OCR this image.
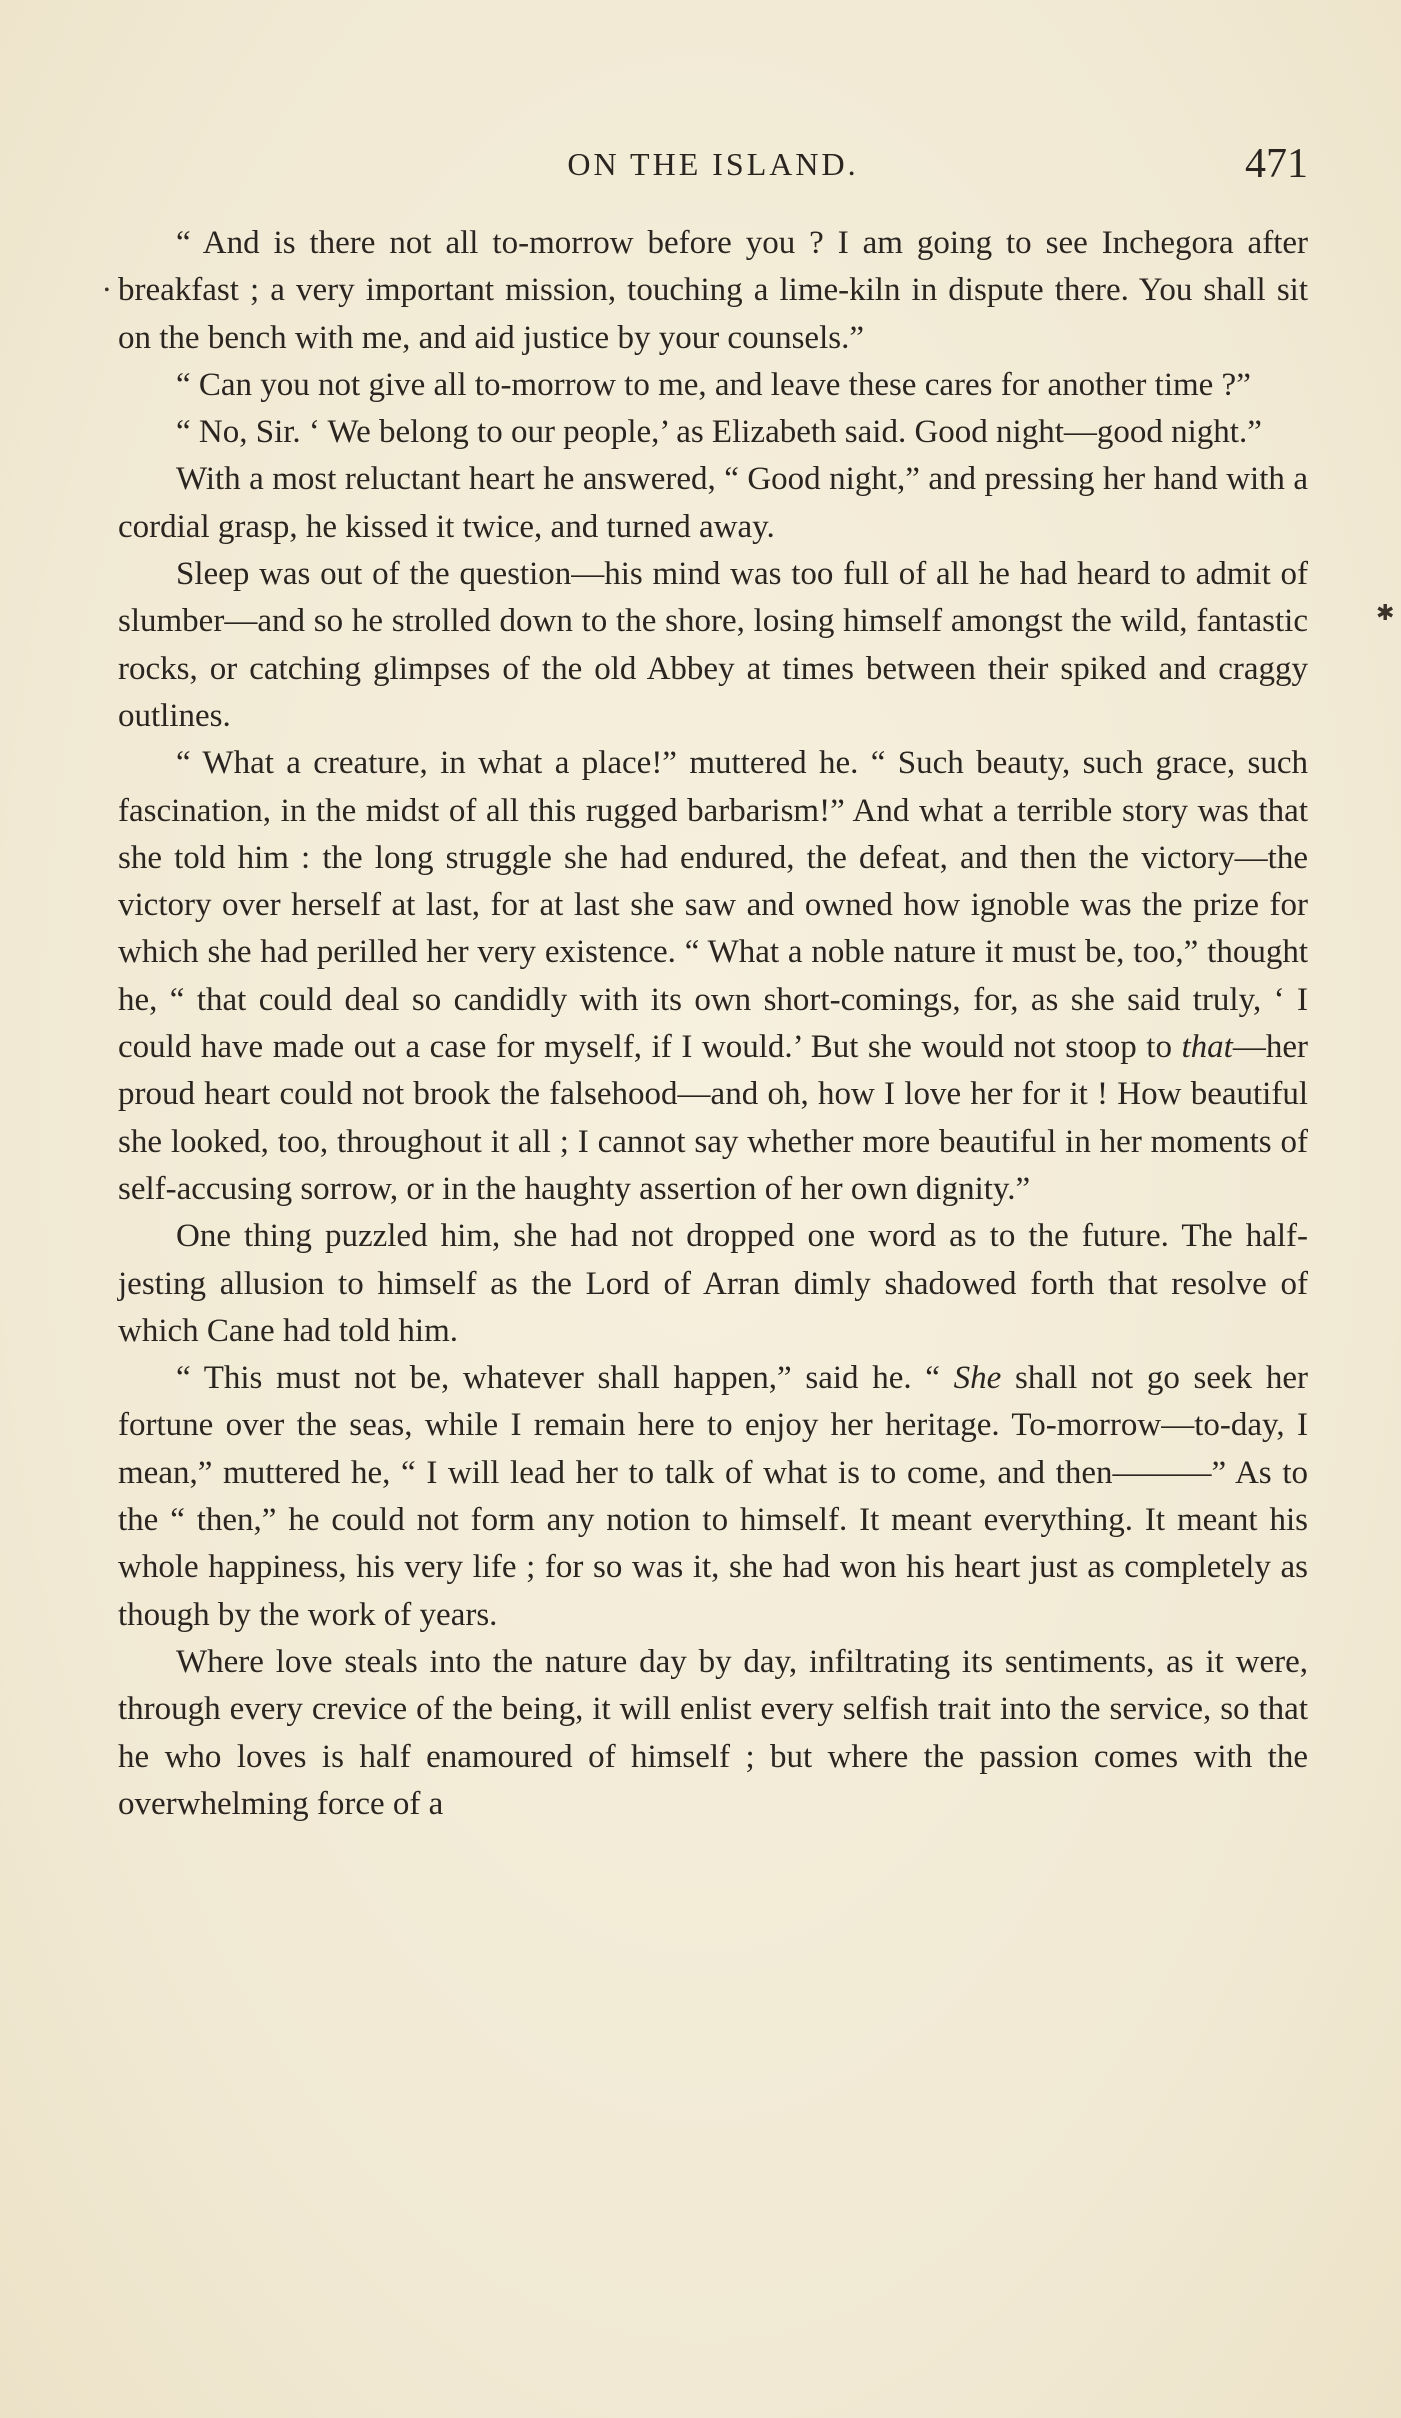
ON THE ISLAND.	471

“ And is there not all to-morrow before you ? I am going to see Inchegora after breakfast ; a very important mission, touching a lime-kiln in dispute there. You shall sit on the bench with me, and aid justice by your counsels.”

“ Can you not give all to-morrow to me, and leave these cares for another time ?”

“ No, Sir. ‘ We belong to our people,’ as Elizabeth said. Good night—good night.”

With a most reluctant heart he answered, “ Good night,” and pressing her hand with a cordial grasp, he kissed it twice, and turned away.

Sleep was out of the question—his mind was too full of all he had heard to admit of slumber—and so he strolled down to the shore, losing himself amongst the wild, fantastic rocks, or catching glimpses of the old Abbey at times between their spiked and craggy outlines.

“ What a creature, in what a place!” muttered he. “ Such beauty, such grace, such fascination, in the midst of all this rugged barbarism!” And what a terrible story was that she told him : the long struggle she had endured, the defeat, and then the victory—the victory over herself at last, for at last she saw and owned how ignoble was the prize for which she had perilled her very existence. “ What a noble nature it must be, too,” thought he, “ that could deal so candidly with its own short-comings, for, as she said truly, ‘ I could have made out a case for myself, if I would.’ But she would not stoop to that—her proud heart could not brook the falsehood—and oh, how I love her for it ! How beautiful she looked, too, throughout it all ; I cannot say whether more beautiful in her moments of self-accusing sorrow, or in the haughty assertion of her own dignity.”

One thing puzzled him, she had not dropped one word as to the future. The half-jesting allusion to himself as the Lord of Arran dimly shadowed forth that resolve of which Cane had told him.

“ This must not be, whatever shall happen,” said he. “ She shall not go seek her fortune over the seas, while I remain here to enjoy her heritage. To-morrow—to-day, I mean,” muttered he, “ I will lead her to talk of what is to come, and then———” As to the “ then,” he could not form any notion to himself. It meant everything. It meant his whole happiness, his very life ; for so was it, she had won his heart just as completely as though by the work of years.

Where love steals into the nature day by day, infiltrating its sentiments, as it were, through every crevice of the being, it will enlist every selfish trait into the service, so that he who loves is half enamoured of himself ; but where the passion comes with the overwhelming force of a

✱
•
